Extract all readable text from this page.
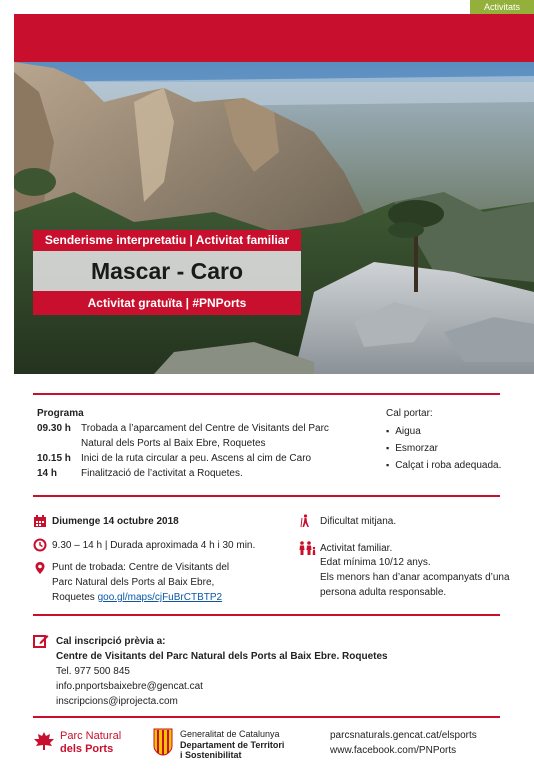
Activitats
Senderisme interpretatiu | Activitat familiar
Mascar - Caro
Activitat gratuïta | #PNPorts
Programa
09.30 h	Trobada a l’aparcament del Centre de Visitants del Parc Natural dels Ports al Baix Ebre, Roquetes
10.15 h	Inici de la ruta circular a peu. Ascens al cim de Caro
14 h	Finalització de l’activitat a Roquetes.
Cal portar:
▪ Aigua
▪ Esmorzar
▪ Calçat i roba adequada.
Diumenge 14 octubre 2018
9.30 – 14 h | Durada aproximada 4 h i 30 min.
Punt de trobada: Centre de Visitants del
Parc Natural dels Ports al Baix Ebre,
Roquetes goo.gl/maps/cjFuBrCTBTP2
Dificultat mitjana.
Activitat familiar.
Edat mínima 10/12 anys.
Els menors han d’anar acompanyats d’una
persona adulta responsable.
Cal inscripció prèvia a:
Centre de Visitants del Parc Natural dels Ports al Baix Ebre. Roquetes
Tel. 977 500 845
info.pnportsbaixebre@gencat.cat
inscripcions@iprojecta.com
Parc Natural
dels Ports
Generalitat de Catalunya
Departament de Territori
i Sostenibilitat
parcsnaturals.gencat.cat/elsports
www.facebook.com/PNPorts
